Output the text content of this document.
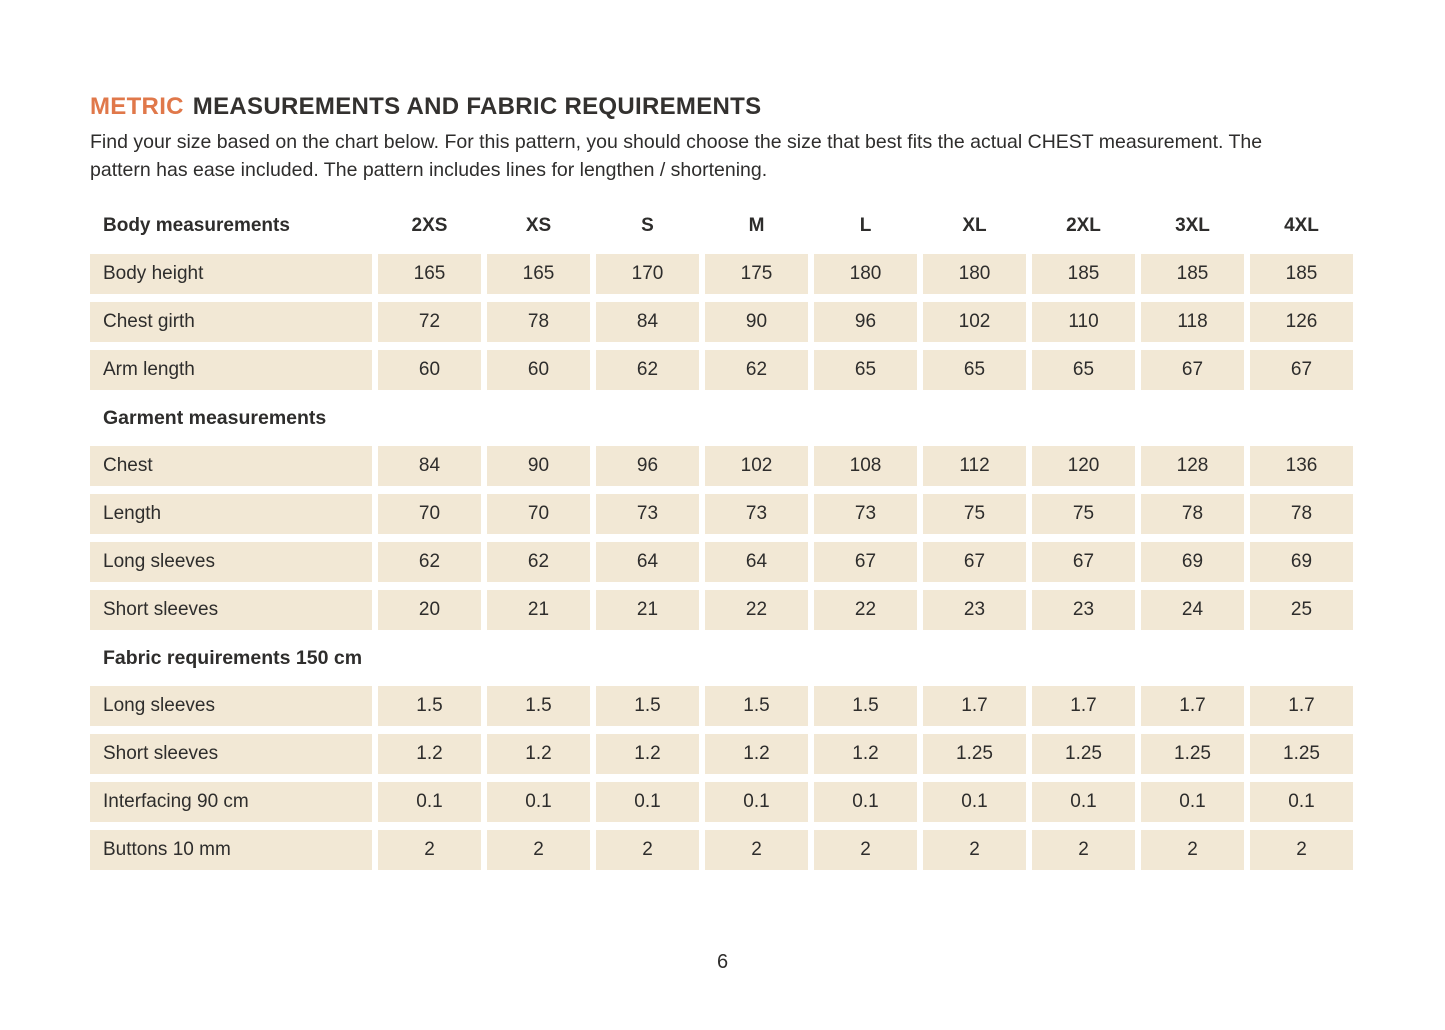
METRIC MEASUREMENTS AND FABRIC REQUIREMENTS

Find your size based on the chart below. For this pattern, you should choose the size that best fits the actual CHEST measurement. The pattern has ease included. The pattern includes lines for lengthen / shortening.

Body measurements	2XS	XS	S	M	L	XL	2XL	3XL	4XL
Body height	165	165	170	175	180	180	185	185	185
Chest girth	72	78	84	90	96	102	110	118	126
Arm length	60	60	62	62	65	65	65	67	67
Garment measurements
Chest	84	90	96	102	108	112	120	128	136
Length	70	70	73	73	73	75	75	78	78
Long sleeves	62	62	64	64	67	67	67	69	69
Short sleeves	20	21	21	22	22	23	23	24	25
Fabric requirements 150 cm
Long sleeves	1.5	1.5	1.5	1.5	1.5	1.7	1.7	1.7	1.7
Short sleeves	1.2	1.2	1.2	1.2	1.2	1.25	1.25	1.25	1.25
Interfacing 90 cm	0.1	0.1	0.1	0.1	0.1	0.1	0.1	0.1	0.1
Buttons 10 mm	2	2	2	2	2	2	2	2	2
6
